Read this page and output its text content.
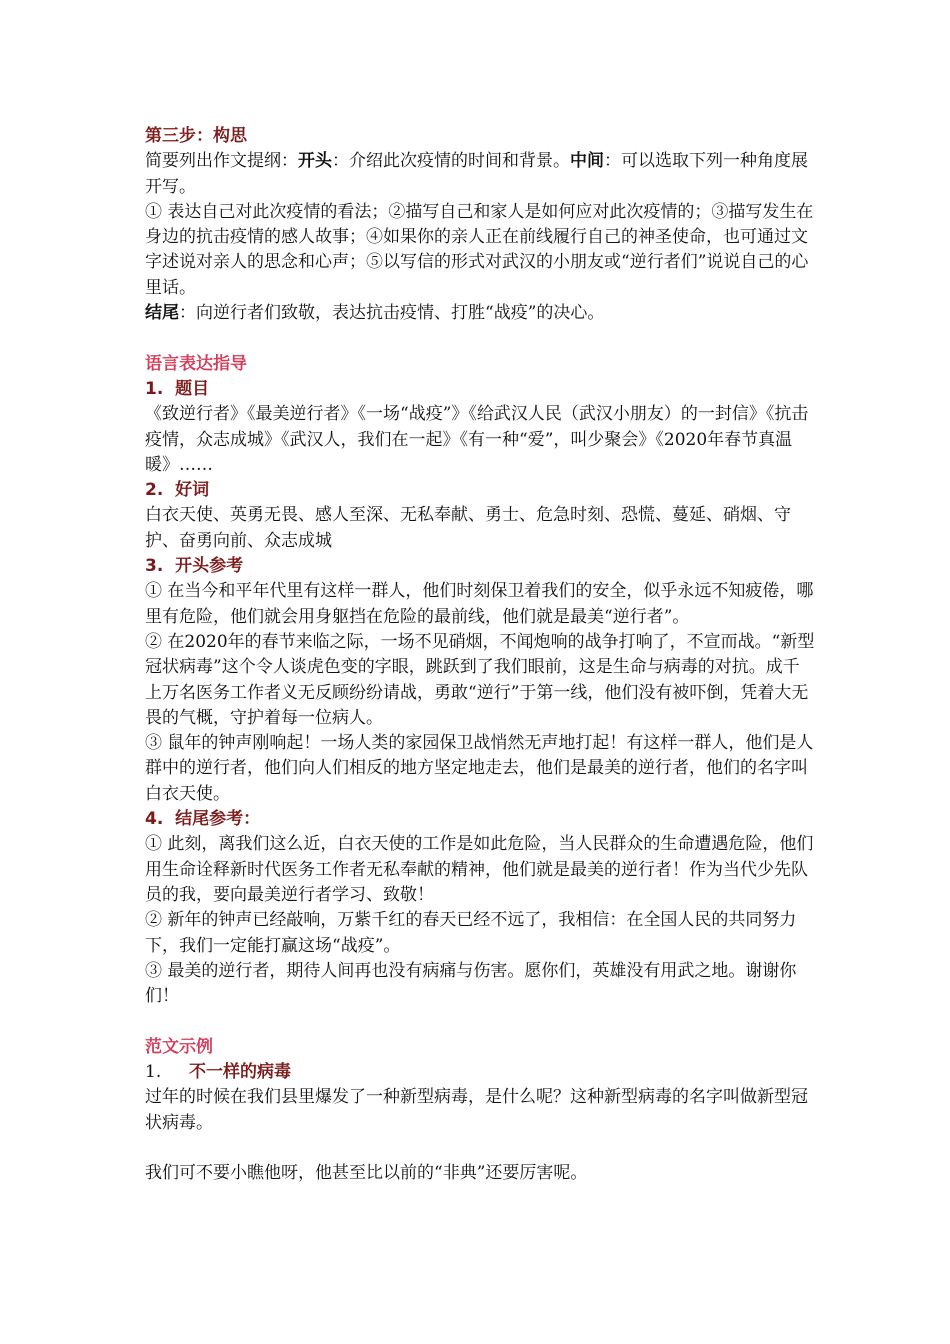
第三步：构思

简要列出作文提纲：开头：介绍此次疫情的时间和背景。中间：可以选取下列一种角度展开写。

① 表达自己对此次疫情的看法；②描写自己和家人是如何应对此次疫情的；③描写发生在身边的抗击疫情的感人故事；④如果你的亲人正在前线履行自己的神圣使命，也可通过文字述说对亲人的思念和心声；⑤以写信的形式对武汉的小朋友或“逆行者们”说说自己的心里话。

结尾：向逆行者们致敬，表达抗击疫情、打胜“战疫”的决心。

语言表达指导

1.  题目

《致逆行者》《最美逆行者》《一场“战疫”》《给武汉人民（武汉小朋友）的一封信》《抗击疫情，众志成城》《武汉人，我们在一起》《有一种“爱”，叫少聚会》《2020年春节真温暖》……

2.  好词

白衣天使、英勇无畏、感人至深、无私奉献、勇士、危急时刻、恐慌、蔓延、硝烟、守护、奋勇向前、众志成城

3.  开头参考

① 在当今和平年代里有这样一群人，他们时刻保卫着我们的安全，似乎永远不知疲倦，哪里有危险，他们就会用身躯挡在危险的最前线，他们就是最美“逆行者”。

② 在2020年的春节来临之际，一场不见硝烟，不闻炮响的战争打响了，不宣而战。“新型冠状病毒”这个令人谈虎色变的字眼，跳跃到了我们眼前，这是生命与病毒的对抗。成千上万名医务工作者义无反顾纷纷请战，勇敢“逆行”于第一线，他们没有被吓倒，凭着大无畏的气概，守护着每一位病人。

③ 鼠年的钟声刚响起！一场人类的家园保卫战悄然无声地打起！有这样一群人，他们是人群中的逆行者，他们向人们相反的地方坚定地走去，他们是最美的逆行者，他们的名字叫白衣天使。

4.  结尾参考：

① 此刻，离我们这么近，白衣天使的工作是如此危险，当人民群众的生命遭遇危险，他们用生命诠释新时代医务工作者无私奉献的精神，他们就是最美的逆行者！作为当代少先队员的我，要向最美逆行者学习、致敬！

② 新年的钟声已经敲响，万紫千红的春天已经不远了，我相信：在全国人民的共同努力下，我们一定能打赢这场“战疫”。

③ 最美的逆行者，期待人间再也没有病痛与伤害。愿你们，英雄没有用武之地。谢谢你们！

范文示例

1. 不一样的病毒

过年的时候在我们县里爆发了一种新型病毒，是什么呢？这种新型病毒的名字叫做新型冠状病毒。

我们可不要小瞧他呀，他甚至比以前的“非典”还要厉害呢。
